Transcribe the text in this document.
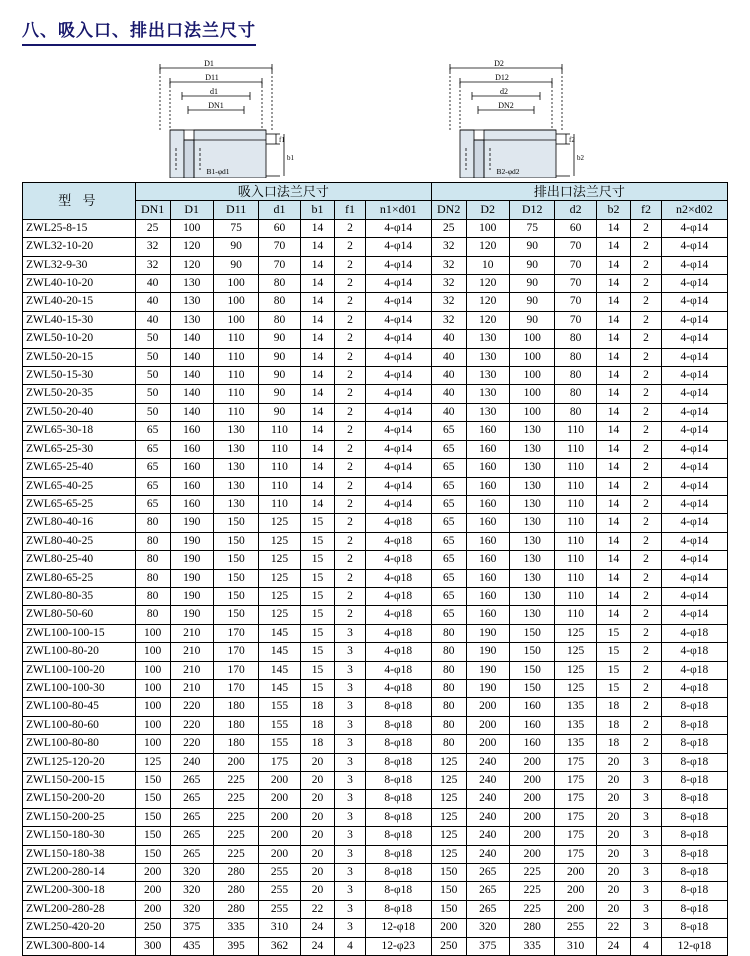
八、吸入口、排出口法兰尺寸
D1
D11
d1
DN1
f1
b1
B1-φd1
D2
D12
d2
DN2
f2
b2
B2-φd2
型 号	吸入口法兰尺寸							排出口法兰尺寸						
	DN1	D1	D11	d1	b1	f1	n1×d01	DN2	D2	D12	d2	b2	f2	n2×d02
ZWL25-8-15	25	100	75	60	14	2	4-φ14	25	100	75	60	14	2	4-φ14
ZWL32-10-20	32	120	90	70	14	2	4-φ14	32	120	90	70	14	2	4-φ14
ZWL32-9-30	32	120	90	70	14	2	4-φ14	32	10	90	70	14	2	4-φ14
ZWL40-10-20	40	130	100	80	14	2	4-φ14	32	120	90	70	14	2	4-φ14
ZWL40-20-15	40	130	100	80	14	2	4-φ14	32	120	90	70	14	2	4-φ14
ZWL40-15-30	40	130	100	80	14	2	4-φ14	32	120	90	70	14	2	4-φ14
ZWL50-10-20	50	140	110	90	14	2	4-φ14	40	130	100	80	14	2	4-φ14
ZWL50-20-15	50	140	110	90	14	2	4-φ14	40	130	100	80	14	2	4-φ14
ZWL50-15-30	50	140	110	90	14	2	4-φ14	40	130	100	80	14	2	4-φ14
ZWL50-20-35	50	140	110	90	14	2	4-φ14	40	130	100	80	14	2	4-φ14
ZWL50-20-40	50	140	110	90	14	2	4-φ14	40	130	100	80	14	2	4-φ14
ZWL65-30-18	65	160	130	110	14	2	4-φ14	65	160	130	110	14	2	4-φ14
ZWL65-25-30	65	160	130	110	14	2	4-φ14	65	160	130	110	14	2	4-φ14
ZWL65-25-40	65	160	130	110	14	2	4-φ14	65	160	130	110	14	2	4-φ14
ZWL65-40-25	65	160	130	110	14	2	4-φ14	65	160	130	110	14	2	4-φ14
ZWL65-65-25	65	160	130	110	14	2	4-φ14	65	160	130	110	14	2	4-φ14
ZWL80-40-16	80	190	150	125	15	2	4-φ18	65	160	130	110	14	2	4-φ14
ZWL80-40-25	80	190	150	125	15	2	4-φ18	65	160	130	110	14	2	4-φ14
ZWL80-25-40	80	190	150	125	15	2	4-φ18	65	160	130	110	14	2	4-φ14
ZWL80-65-25	80	190	150	125	15	2	4-φ18	65	160	130	110	14	2	4-φ14
ZWL80-80-35	80	190	150	125	15	2	4-φ18	65	160	130	110	14	2	4-φ14
ZWL80-50-60	80	190	150	125	15	2	4-φ18	65	160	130	110	14	2	4-φ14
ZWL100-100-15	100	210	170	145	15	3	4-φ18	80	190	150	125	15	2	4-φ18
ZWL100-80-20	100	210	170	145	15	3	4-φ18	80	190	150	125	15	2	4-φ18
ZWL100-100-20	100	210	170	145	15	3	4-φ18	80	190	150	125	15	2	4-φ18
ZWL100-100-30	100	210	170	145	15	3	4-φ18	80	190	150	125	15	2	4-φ18
ZWL100-80-45	100	220	180	155	18	3	8-φ18	80	200	160	135	18	2	8-φ18
ZWL100-80-60	100	220	180	155	18	3	8-φ18	80	200	160	135	18	2	8-φ18
ZWL100-80-80	100	220	180	155	18	3	8-φ18	80	200	160	135	18	2	8-φ18
ZWL125-120-20	125	240	200	175	20	3	8-φ18	125	240	200	175	20	3	8-φ18
ZWL150-200-15	150	265	225	200	20	3	8-φ18	125	240	200	175	20	3	8-φ18
ZWL150-200-20	150	265	225	200	20	3	8-φ18	125	240	200	175	20	3	8-φ18
ZWL150-200-25	150	265	225	200	20	3	8-φ18	125	240	200	175	20	3	8-φ18
ZWL150-180-30	150	265	225	200	20	3	8-φ18	125	240	200	175	20	3	8-φ18
ZWL150-180-38	150	265	225	200	20	3	8-φ18	125	240	200	175	20	3	8-φ18
ZWL200-280-14	200	320	280	255	20	3	8-φ18	150	265	225	200	20	3	8-φ18
ZWL200-300-18	200	320	280	255	20	3	8-φ18	150	265	225	200	20	3	8-φ18
ZWL200-280-28	200	320	280	255	22	3	8-φ18	150	265	225	200	20	3	8-φ18
ZWL250-420-20	250	375	335	310	24	3	12-φ18	200	320	280	255	22	3	8-φ18
ZWL300-800-14	300	435	395	362	24	4	12-φ23	250	375	335	310	24	4	12-φ18
